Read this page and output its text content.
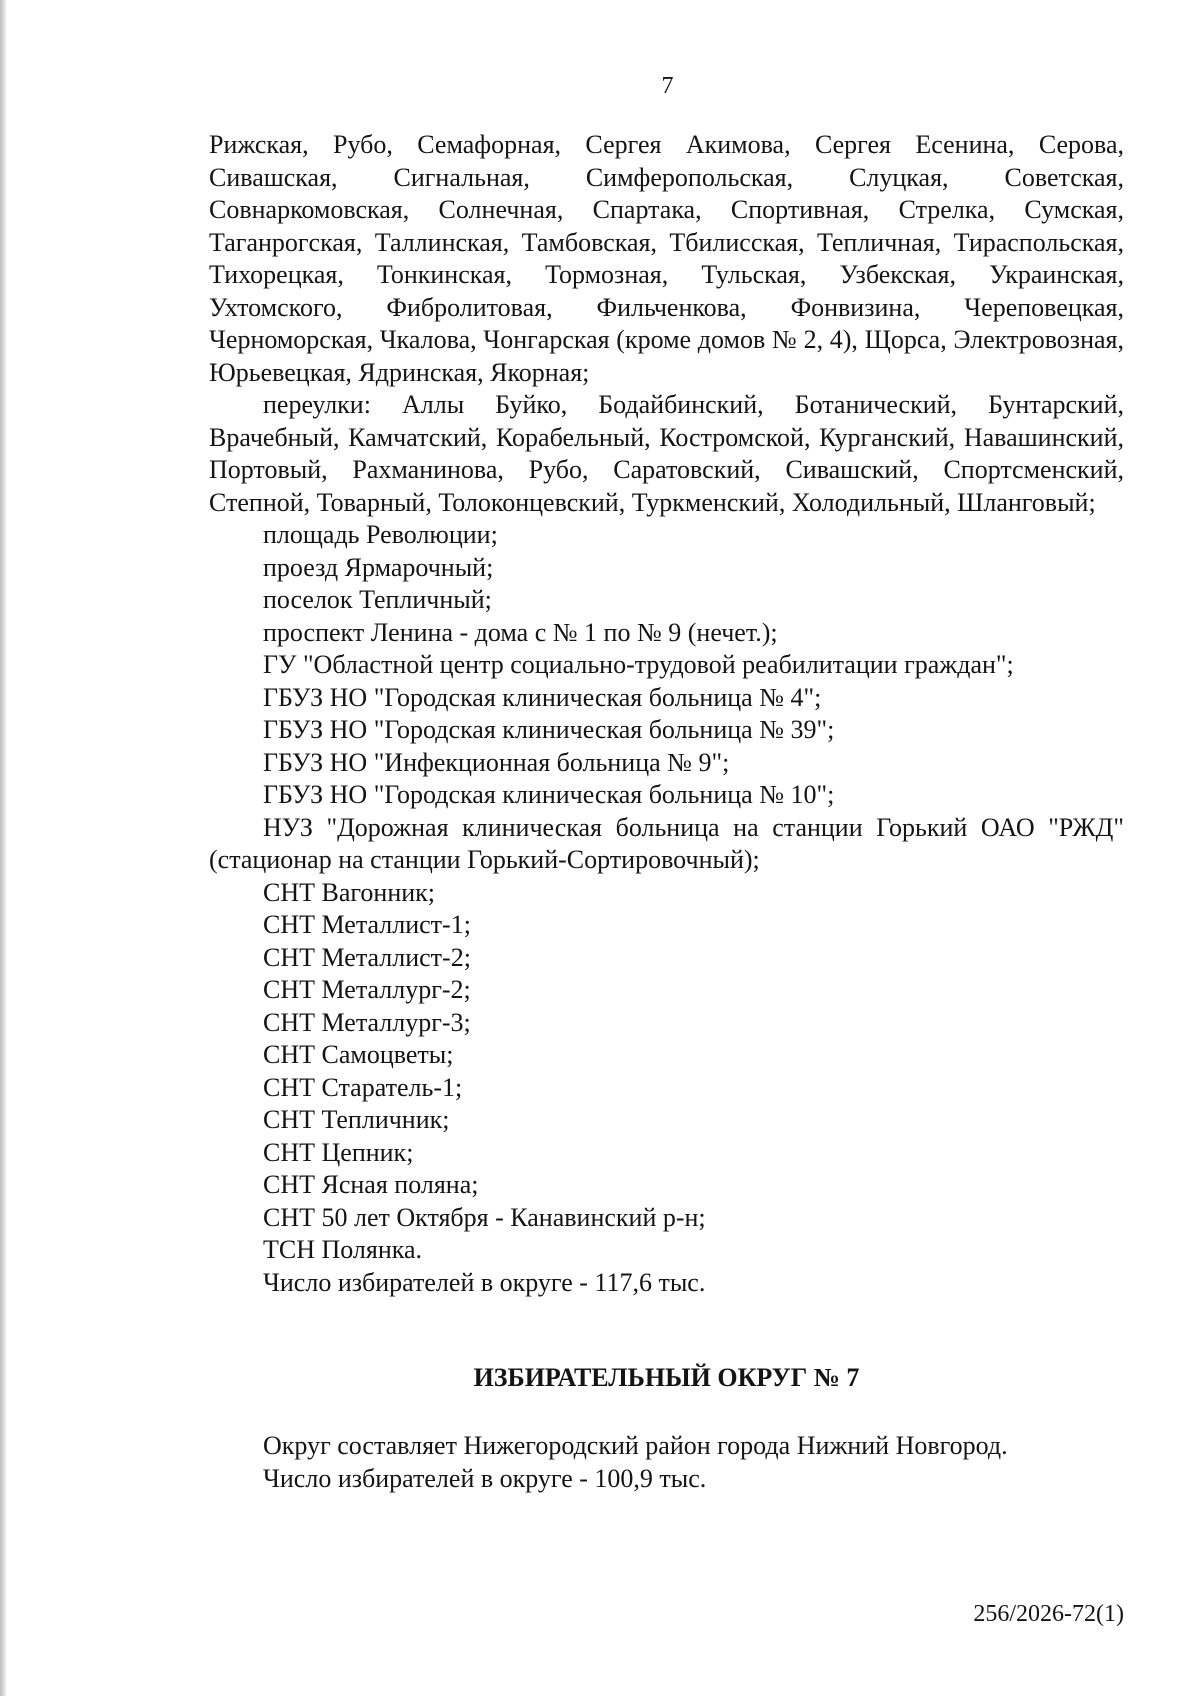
7

Рижская, Рубо, Семафорная, Сергея Акимова, Сергея Есенина, Серова, Сивашская, Сигнальная, Симферопольская, Слуцкая, Советская, Совнаркомовская, Солнечная, Спартака, Спортивная, Стрелка, Сумская, Таганрогская, Таллинская, Тамбовская, Тбилисская, Тепличная, Тираспольская, Тихорецкая, Тонкинская, Тормозная, Тульская, Узбекская, Украинская, Ухтомского, Фибролитовая, Фильченкова, Фонвизина, Череповецкая, Черноморская, Чкалова, Чонгарская (кроме домов № 2, 4), Щорса, Электровозная, Юрьевецкая, Ядринская, Якорная;

переулки: Аллы Буйко, Бодайбинский, Ботанический, Бунтарский, Врачебный, Камчатский, Корабельный, Костромской, Курганский, Навашинский, Портовый, Рахманинова, Рубо, Саратовский, Сивашский, Спортсменский, Степной, Товарный, Толоконцевский, Туркменский, Холодильный, Шланговый;

площадь Революции;

проезд Ярмарочный;

поселок Тепличный;

проспект Ленина - дома с № 1 по № 9 (нечет.);

ГУ "Областной центр социально-трудовой реабилитации граждан";

ГБУЗ НО "Городская клиническая больница № 4";

ГБУЗ НО "Городская клиническая больница № 39";

ГБУЗ НО "Инфекционная больница № 9";

ГБУЗ НО "Городская клиническая больница № 10";

НУЗ "Дорожная клиническая больница на станции Горький ОАО "РЖД" (стационар на станции Горький-Сортировочный);

СНТ Вагонник;

СНТ Металлист-1;

СНТ Металлист-2;

СНТ Металлург-2;

СНТ Металлург-3;

СНТ Самоцветы;

СНТ Старатель-1;

СНТ Тепличник;

СНТ Цепник;

СНТ Ясная поляна;

СНТ 50 лет Октября - Канавинский р-н;

ТСН Полянка.

Число избирателей в округе - 117,6 тыс.

ИЗБИРАТЕЛЬНЫЙ ОКРУГ № 7

Округ составляет Нижегородский район города Нижний Новгород.

Число избирателей в округе - 100,9 тыс.

256/2026-72(1)
